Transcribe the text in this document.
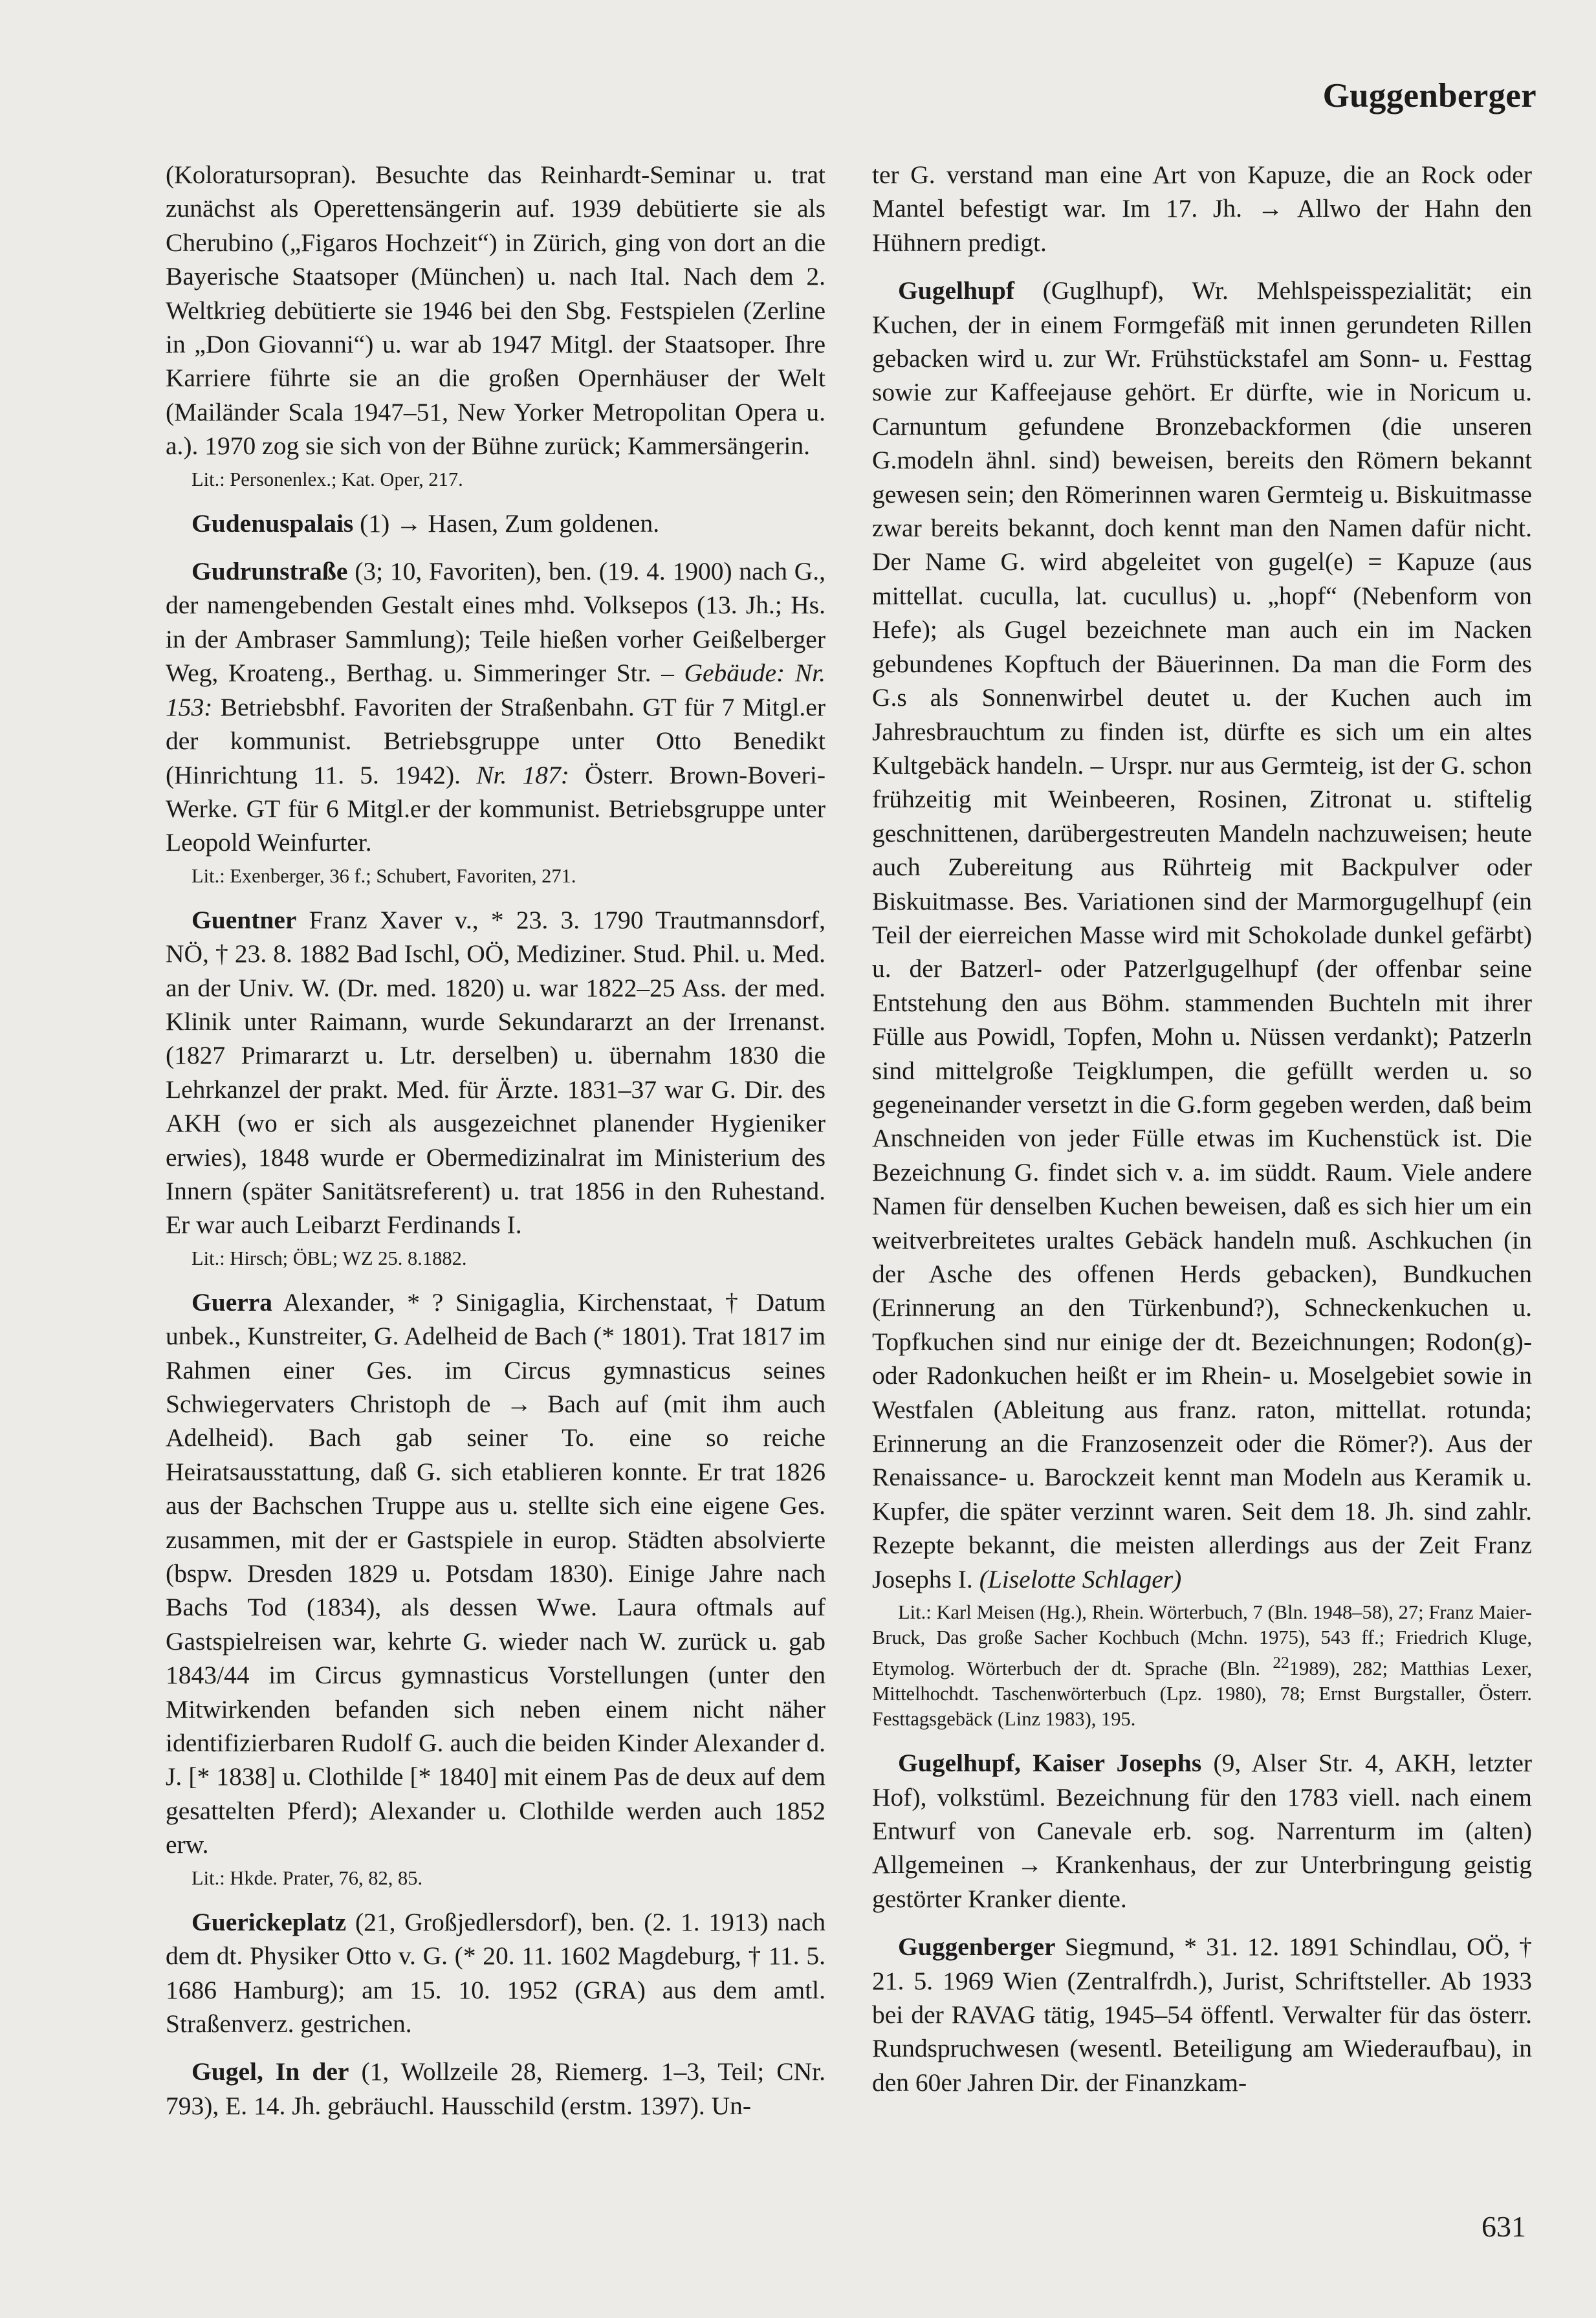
Guggenberger

(Koloratursopran). Besuchte das Reinhardt-Seminar u. trat zunächst als Operettensängerin auf. 1939 debütierte sie als Cherubino („Figaros Hochzeit“) in Zürich, ging von dort an die Bayerische Staatsoper (München) u. nach Ital. Nach dem 2. Weltkrieg debütierte sie 1946 bei den Sbg. Festspielen (Zerline in „Don Giovanni“) u. war ab 1947 Mitgl. der Staatsoper. Ihre Karriere führte sie an die großen Opernhäuser der Welt (Mailänder Scala 1947–51, New Yorker Metropolitan Opera u. a.). 1970 zog sie sich von der Bühne zurück; Kammersängerin.

Lit.: Personenlex.; Kat. Oper, 217.

Gudenuspalais (1) → Hasen, Zum goldenen.

Gudrunstraße (3; 10, Favoriten), ben. (19. 4. 1900) nach G., der namengebenden Gestalt eines mhd. Volksepos (13. Jh.; Hs. in der Ambraser Sammlung); Teile hießen vorher Geißelberger Weg, Kroateng., Berthag. u. Simmeringer Str. – Gebäude: Nr. 153: Betriebsbhf. Favoriten der Straßenbahn. GT für 7 Mitgl.er der kommunist. Betriebsgruppe unter Otto Benedikt (Hinrichtung 11. 5. 1942). Nr. 187: Österr. Brown-Boveri-Werke. GT für 6 Mitgl.er der kommunist. Betriebsgruppe unter Leopold Weinfurter.

Lit.: Exenberger, 36 f.; Schubert, Favoriten, 271.

Guentner Franz Xaver v., * 23. 3. 1790 Trautmannsdorf, NÖ, † 23. 8. 1882 Bad Ischl, OÖ, Mediziner. Stud. Phil. u. Med. an der Univ. W. (Dr. med. 1820) u. war 1822–25 Ass. der med. Klinik unter Raimann, wurde Sekundararzt an der Irrenanst. (1827 Primararzt u. Ltr. derselben) u. übernahm 1830 die Lehrkanzel der prakt. Med. für Ärzte. 1831–37 war G. Dir. des AKH (wo er sich als ausgezeichnet planender Hygieniker erwies), 1848 wurde er Obermedizinalrat im Ministerium des Innern (später Sanitätsreferent) u. trat 1856 in den Ruhestand. Er war auch Leibarzt Ferdinands I.

Lit.: Hirsch; ÖBL; WZ 25. 8.1882.

Guerra Alexander, * ? Sinigaglia, Kirchenstaat, † Datum unbek., Kunstreiter, G. Adelheid de Bach (* 1801). Trat 1817 im Rahmen einer Ges. im Circus gymnasticus seines Schwiegervaters Christoph de → Bach auf (mit ihm auch Adelheid). Bach gab seiner To. eine so reiche Heiratsausstattung, daß G. sich etablieren konnte. Er trat 1826 aus der Bachschen Truppe aus u. stellte sich eine eigene Ges. zusammen, mit der er Gastspiele in europ. Städten absolvierte (bspw. Dresden 1829 u. Potsdam 1830). Einige Jahre nach Bachs Tod (1834), als dessen Wwe. Laura oftmals auf Gastspielreisen war, kehrte G. wieder nach W. zurück u. gab 1843/44 im Circus gymnasticus Vorstellungen (unter den Mitwirkenden befanden sich neben einem nicht näher identifizierbaren Rudolf G. auch die beiden Kinder Alexander d. J. [* 1838] u. Clothilde [* 1840] mit einem Pas de deux auf dem gesattelten Pferd); Alexander u. Clothilde werden auch 1852 erw.

Lit.: Hkde. Prater, 76, 82, 85.

Guerickeplatz (21, Großjedlersdorf), ben. (2. 1. 1913) nach dem dt. Physiker Otto v. G. (* 20. 11. 1602 Magdeburg, † 11. 5. 1686 Hamburg); am 15. 10. 1952 (GRA) aus dem amtl. Straßenverz. gestrichen.

Gugel, In der (1, Wollzeile 28, Riemerg. 1–3, Teil; CNr. 793), E. 14. Jh. gebräuchl. Hausschild (erstm. 1397). Un-

ter G. verstand man eine Art von Kapuze, die an Rock oder Mantel befestigt war. Im 17. Jh. → Allwo der Hahn den Hühnern predigt.

Gugelhupf (Guglhupf), Wr. Mehlspeisspezialität; ein Kuchen, der in einem Formgefäß mit innen gerundeten Rillen gebacken wird u. zur Wr. Frühstückstafel am Sonn- u. Festtag sowie zur Kaffeejause gehört. Er dürfte, wie in Noricum u. Carnuntum gefundene Bronzebackformen (die unseren G.modeln ähnl. sind) beweisen, bereits den Römern bekannt gewesen sein; den Römerinnen waren Germteig u. Biskuitmasse zwar bereits bekannt, doch kennt man den Namen dafür nicht. Der Name G. wird abgeleitet von gugel(e) = Kapuze (aus mittellat. cucullа, lat. cucullus) u. „hopf“ (Nebenform von Hefe); als Gugel bezeichnete man auch ein im Nacken gebundenes Kopftuch der Bäuerinnen. Da man die Form des G.s als Sonnenwirbel deutet u. der Kuchen auch im Jahresbrauchtum zu finden ist, dürfte es sich um ein altes Kultgebäck handeln. – Urspr. nur aus Germteig, ist der G. schon frühzeitig mit Weinbeeren, Rosinen, Zitronat u. stiftelig geschnittenen, darübergestreuten Mandeln nachzuweisen; heute auch Zubereitung aus Rührteig mit Backpulver oder Biskuitmasse. Bes. Variationen sind der Marmorgugelhupf (ein Teil der eierreichen Masse wird mit Schokolade dunkel gefärbt) u. der Batzerl- oder Patzerlgugelhupf (der offenbar seine Entstehung den aus Böhm. stammenden Buchteln mit ihrer Fülle aus Powidl, Topfen, Mohn u. Nüssen verdankt); Patzerln sind mittelgroße Teigklumpen, die gefüllt werden u. so gegeneinander versetzt in die G.form gegeben werden, daß beim Anschneiden von jeder Fülle etwas im Kuchenstück ist. Die Bezeichnung G. findet sich v. a. im süddt. Raum. Viele andere Namen für denselben Kuchen beweisen, daß es sich hier um ein weitverbreitetes uraltes Gebäck handeln muß. Aschkuchen (in der Asche des offenen Herds gebacken), Bundkuchen (Erinnerung an den Türkenbund?), Schneckenkuchen u. Topfkuchen sind nur einige der dt. Bezeichnungen; Rodon(g)- oder Radonkuchen heißt er im Rhein- u. Moselgebiet sowie in Westfalen (Ableitung aus franz. raton, mittellat. rotunda; Erinnerung an die Franzosenzeit oder die Römer?). Aus der Renaissance- u. Barockzeit kennt man Modeln aus Keramik u. Kupfer, die später verzinnt waren. Seit dem 18. Jh. sind zahlr. Rezepte bekannt, die meisten allerdings aus der Zeit Franz Josephs I. (Liselotte Schlager)

Lit.: Karl Meisen (Hg.), Rhein. Wörterbuch, 7 (Bln. 1948–58), 27; Franz Maier-Bruck, Das große Sacher Kochbuch (Mchn. 1975), 543 ff.; Friedrich Kluge, Etymolog. Wörterbuch der dt. Sprache (Bln. $^{22}$1989), 282; Matthias Lexer, Mittelhochdt. Taschenwörterbuch (Lpz. 1980), 78; Ernst Burgstaller, Österr. Festtagsgebäck (Linz 1983), 195.

Gugelhupf, Kaiser Josephs (9, Alser Str. 4, AKH, letzter Hof), volkstüml. Bezeichnung für den 1783 viell. nach einem Entwurf von Canevale erb. sog. Narrenturm im (alten) Allgemeinen → Krankenhaus, der zur Unterbringung geistig gestörter Kranker diente.

Guggenberger Siegmund, * 31. 12. 1891 Schindlau, OÖ, † 21. 5. 1969 Wien (Zentralfrdh.), Jurist, Schriftsteller. Ab 1933 bei der RAVAG tätig, 1945–54 öffentl. Verwalter für das österr. Rundspruchwesen (wesentl. Beteiligung am Wiederaufbau), in den 60er Jahren Dir. der Finanzkam-

631
